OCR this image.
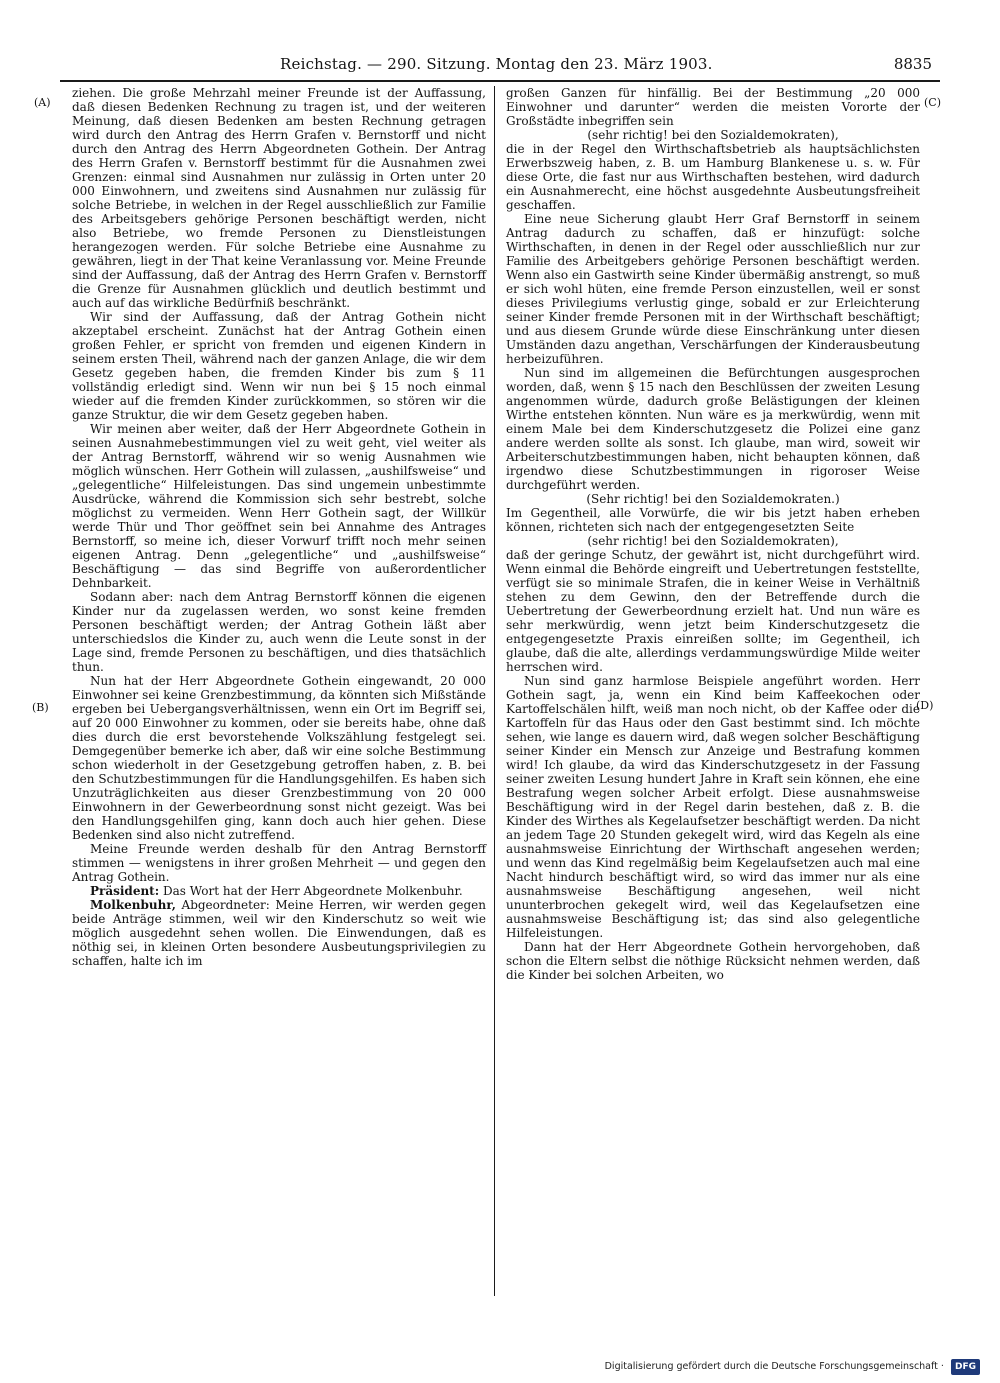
Reichstag. — 290. Sitzung. Montag den 23. März 1903.	8835
(A)
(B)
(C)
(D)

ziehen. Die große Mehrzahl meiner Freunde ist der Auffassung, daß diesen Bedenken Rechnung zu tragen ist, und der weiteren Meinung, daß diesen Bedenken am besten Rechnung getragen wird durch den Antrag des Herrn Grafen v. Bernstorff und nicht durch den Antrag des Herrn Abgeordneten Gothein. Der Antrag des Herrn Grafen v. Bernstorff bestimmt für die Ausnahmen zwei Grenzen: einmal sind Ausnahmen nur zulässig in Orten unter 20 000 Einwohnern, und zweitens sind Ausnahmen nur zulässig für solche Betriebe, in welchen in der Regel ausschließlich zur Familie des Arbeitsgebers gehörige Personen beschäftigt werden, nicht also Betriebe, wo fremde Personen zu Dienstleistungen herangezogen werden. Für solche Betriebe eine Ausnahme zu gewähren, liegt in der That keine Veranlassung vor. Meine Freunde sind der Auffassung, daß der Antrag des Herrn Grafen v. Bernstorff die Grenze für Ausnahmen glücklich und deutlich bestimmt und auch auf das wirkliche Bedürfniß beschränkt.

Wir sind der Auffassung, daß der Antrag Gothein nicht akzeptabel erscheint. Zunächst hat der Antrag Gothein einen großen Fehler, er spricht von fremden und eigenen Kindern in seinem ersten Theil, während nach der ganzen Anlage, die wir dem Gesetz gegeben haben, die fremden Kinder bis zum § 11 vollständig erledigt sind. Wenn wir nun bei § 15 noch einmal wieder auf die fremden Kinder zurückkommen, so stören wir die ganze Struktur, die wir dem Gesetz gegeben haben.

Wir meinen aber weiter, daß der Herr Abgeordnete Gothein in seinen Ausnahmebestimmungen viel zu weit geht, viel weiter als der Antrag Bernstorff, während wir so wenig Ausnahmen wie möglich wünschen. Herr Gothein will zulassen, „aushilfsweise“ und „gelegentliche“ Hilfeleistungen. Das sind ungemein unbestimmte Ausdrücke, während die Kommission sich sehr bestrebt, solche möglichst zu vermeiden. Wenn Herr Gothein sagt, der Willkür werde Thür und Thor geöffnet sein bei Annahme des Antrages Bernstorff, so meine ich, dieser Vorwurf trifft noch mehr seinen eigenen Antrag. Denn „gelegentliche“ und „aushilfsweise“ Beschäftigung — das sind Begriffe von außerordentlicher Dehnbarkeit.

Sodann aber: nach dem Antrag Bernstorff können die eigenen Kinder nur da zugelassen werden, wo sonst keine fremden Personen beschäftigt werden; der Antrag Gothein läßt aber unterschiedslos die Kinder zu, auch wenn die Leute sonst in der Lage sind, fremde Personen zu beschäftigen, und dies thatsächlich thun.

Nun hat der Herr Abgeordnete Gothein eingewandt, 20 000 Einwohner sei keine Grenzbestimmung, da könnten sich Mißstände ergeben bei Uebergangsverhältnissen, wenn ein Ort im Begriff sei, auf 20 000 Einwohner zu kommen, oder sie bereits habe, ohne daß dies durch die erst bevorstehende Volkszählung festgelegt sei. Demgegenüber bemerke ich aber, daß wir eine solche Bestimmung schon wiederholt in der Gesetzgebung getroffen haben, z. B. bei den Schutzbestimmungen für die Handlungsgehilfen. Es haben sich Unzuträglichkeiten aus dieser Grenzbestimmung von 20 000 Einwohnern in der Gewerbeordnung sonst nicht gezeigt. Was bei den Handlungsgehilfen ging, kann doch auch hier gehen. Diese Bedenken sind also nicht zutreffend.

Meine Freunde werden deshalb für den Antrag Bernstorff stimmen — wenigstens in ihrer großen Mehrheit — und gegen den Antrag Gothein.

Präsident: Das Wort hat der Herr Abgeordnete Molkenbuhr.

Molkenbuhr, Abgeordneter: Meine Herren, wir werden gegen beide Anträge stimmen, weil wir den Kinderschutz so weit wie möglich ausgedehnt sehen wollen. Die Einwendungen, daß es nöthig sei, in kleinen Orten besondere Ausbeutungsprivilegien zu schaffen, halte ich im

großen Ganzen für hinfällig. Bei der Bestimmung „20 000 Einwohner und darunter“ werden die meisten Vororte der Großstädte inbegriffen sein

(sehr richtig! bei den Sozialdemokraten),

die in der Regel den Wirthschaftsbetrieb als hauptsächlichsten Erwerbszweig haben, z. B. um Hamburg Blankenese u. s. w. Für diese Orte, die fast nur aus Wirthschaften bestehen, wird dadurch ein Ausnahmerecht, eine höchst ausgedehnte Ausbeutungsfreiheit geschaffen.

Eine neue Sicherung glaubt Herr Graf Bernstorff in seinem Antrag dadurch zu schaffen, daß er hinzufügt: solche Wirthschaften, in denen in der Regel oder ausschließlich nur zur Familie des Arbeitgebers gehörige Personen beschäftigt werden. Wenn also ein Gastwirth seine Kinder übermäßig anstrengt, so muß er sich wohl hüten, eine fremde Person einzustellen, weil er sonst dieses Privilegiums verlustig ginge, sobald er zur Erleichterung seiner Kinder fremde Personen mit in der Wirthschaft beschäftigt; und aus diesem Grunde würde diese Einschränkung unter diesen Umständen dazu angethan, Verschärfungen der Kinderausbeutung herbeizuführen.

Nun sind im allgemeinen die Befürchtungen ausgesprochen worden, daß, wenn § 15 nach den Beschlüssen der zweiten Lesung angenommen würde, dadurch große Belästigungen der kleinen Wirthe entstehen könnten. Nun wäre es ja merkwürdig, wenn mit einem Male bei dem Kinderschutzgesetz die Polizei eine ganz andere werden sollte als sonst. Ich glaube, man wird, soweit wir Arbeiterschutzbestimmungen haben, nicht behaupten können, daß irgendwo diese Schutzbestimmungen in rigoroser Weise durchgeführt werden.

(Sehr richtig! bei den Sozialdemokraten.)

Im Gegentheil, alle Vorwürfe, die wir bis jetzt haben erheben können, richteten sich nach der entgegengesetzten Seite

(sehr richtig! bei den Sozialdemokraten),

daß der geringe Schutz, der gewährt ist, nicht durchgeführt wird. Wenn einmal die Behörde eingreift und Uebertretungen feststellte, verfügt sie so minimale Strafen, die in keiner Weise in Verhältniß stehen zu dem Gewinn, den der Betreffende durch die Uebertretung der Gewerbeordnung erzielt hat. Und nun wäre es sehr merkwürdig, wenn jetzt beim Kinderschutzgesetz die entgegengesetzte Praxis einreißen sollte; im Gegentheil, ich glaube, daß die alte, allerdings verdammungswürdige Milde weiter herrschen wird.

Nun sind ganz harmlose Beispiele angeführt worden. Herr Gothein sagt, ja, wenn ein Kind beim Kaffeekochen oder Kartoffelschälen hilft, weiß man noch nicht, ob der Kaffee oder die Kartoffeln für das Haus oder den Gast bestimmt sind. Ich möchte sehen, wie lange es dauern wird, daß wegen solcher Beschäftigung seiner Kinder ein Mensch zur Anzeige und Bestrafung kommen wird! Ich glaube, da wird das Kinderschutzgesetz in der Fassung seiner zweiten Lesung hundert Jahre in Kraft sein können, ehe eine Bestrafung wegen solcher Arbeit erfolgt. Diese ausnahmsweise Beschäftigung wird in der Regel darin bestehen, daß z. B. die Kinder des Wirthes als Kegelaufsetzer beschäftigt werden. Da nicht an jedem Tage 20 Stunden gekegelt wird, wird das Kegeln als eine ausnahmsweise Einrichtung der Wirthschaft angesehen werden; und wenn das Kind regelmäßig beim Kegelaufsetzen auch mal eine Nacht hindurch beschäftigt wird, so wird das immer nur als eine ausnahmsweise Beschäftigung angesehen, weil nicht ununterbrochen gekegelt wird, weil das Kegelaufsetzen eine ausnahmsweise Beschäftigung ist; das sind also gelegentliche Hilfeleistungen.

Dann hat der Herr Abgeordnete Gothein hervorgehoben, daß schon die Eltern selbst die nöthige Rücksicht nehmen werden, daß die Kinder bei solchen Arbeiten, wo

Digitalisierung gefördert durch die Deutsche Forschungsgemeinschaft · DFG
